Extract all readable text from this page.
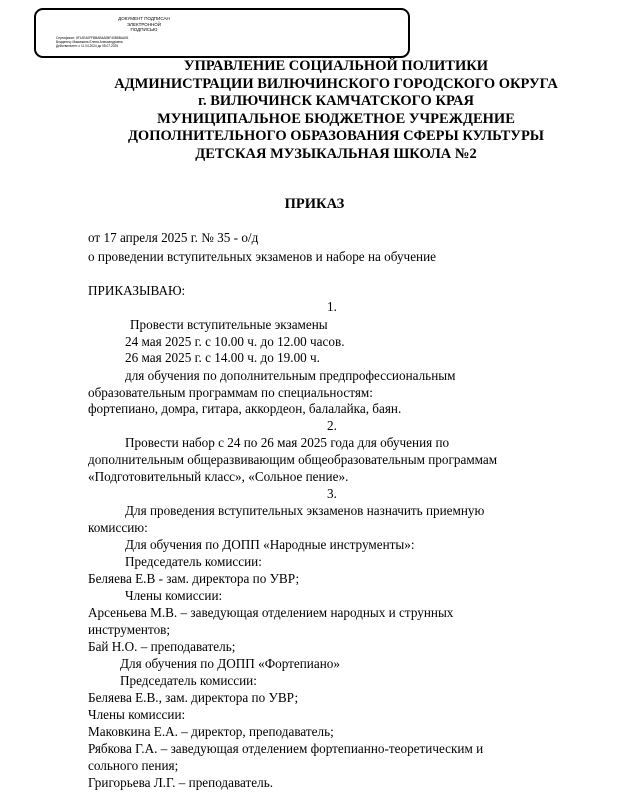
ДОКУМЕНТ ПОДПИСАН
ЭЛЕКТРОННОЙ ПОДПИСЬЮ
Сертификат: 0F14EA0FFBBAB4A0BF40B8BAA91
Владелец: Маковкина Елена Александровна
Действителен: с 11.04.2024 до 05.07.2025
УПРАВЛЕНИЕ СОЦИАЛЬНОЙ ПОЛИТИКИ
АДМИНИСТРАЦИИ ВИЛЮЧИНСКОГО ГОРОДСКОГО ОКРУГА
г. ВИЛЮЧИНСК КАМЧАТСКОГО КРАЯ
МУНИЦИПАЛЬНОЕ БЮДЖЕТНОЕ УЧРЕЖДЕНИЕ
ДОПОЛНИТЕЛЬНОГО ОБРАЗОВАНИЯ СФЕРЫ КУЛЬТУРЫ
ДЕТСКАЯ МУЗЫКАЛЬНАЯ ШКОЛА №2
ПРИКАЗ
от 17 апреля 2025 г. № 35 - о/д
о проведении вступительных экзаменов и наборе на обучение
ПРИКАЗЫВАЮ:
1.
Провести вступительные экзамены
24 мая 2025 г. с 10.00 ч. до 12.00 часов.
26 мая 2025 г. с 14.00 ч. до 19.00 ч.
для обучения по дополнительным предпрофессиональным
образовательным программам по специальностям:
фортепиано, домра, гитара, аккордеон, балалайка, баян.
2.
Провести набор с 24 по 26 мая 2025 года для обучения по
дополнительным общеразвивающим общеобразовательным программам
«Подготовительный класс», «Сольное пение».
3.
Для проведения вступительных экзаменов назначить приемную
комиссию:
Для обучения по ДОПП «Народные инструменты»:
Председатель комиссии:
Беляева Е.В - зам. директора по УВР;
Члены комиссии:
Арсеньева М.В. – заведующая отделением народных и струнных
инструментов;
Бай Н.О. – преподаватель;
Для обучения по ДОПП «Фортепиано»
Председатель комиссии:
Беляева Е.В., зам. директора по УВР;
Члены комиссии:
Маковкина Е.А. – директор, преподаватель;
Рябкова Г.А. – заведующая отделением фортепианно-теоретическим и
сольного пения;
Григорьева Л.Г. – преподаватель.
